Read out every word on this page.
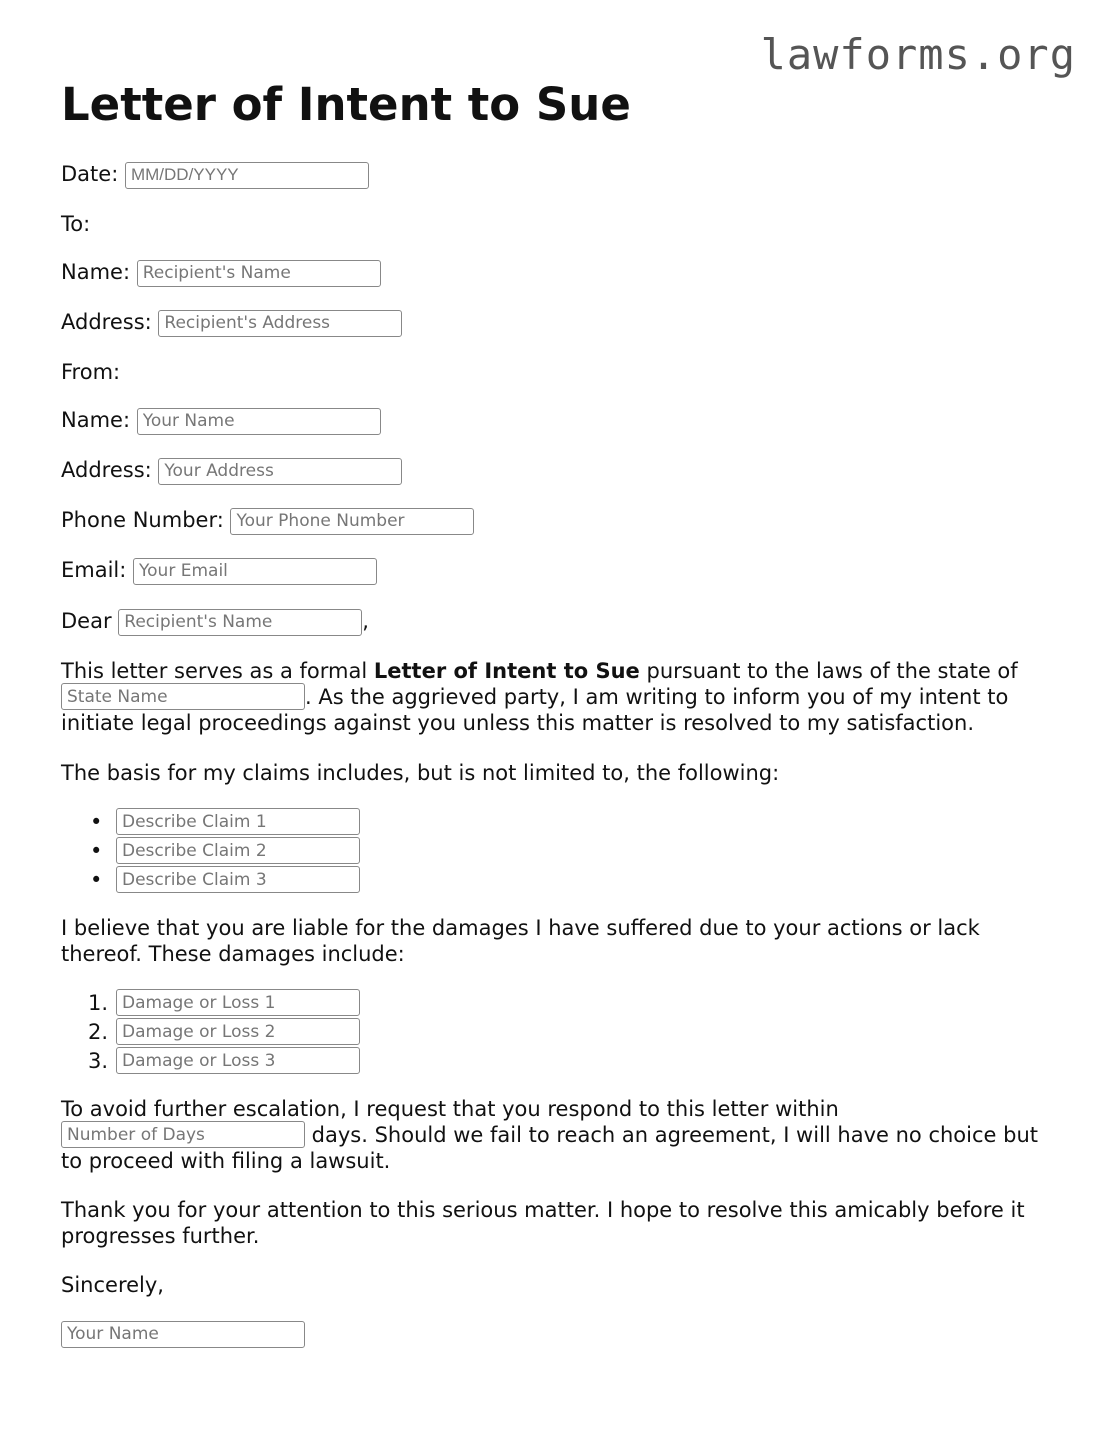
lawforms.org
Letter of Intent to Sue
Date: MM/DD/YYYY
To:
Name: Recipient's Name
Address: Recipient's Address
From:
Name: Your Name
Address: Your Address
Phone Number: Your Phone Number
Email: Your Email
Dear Recipient's Name	,

This letter serves as a formal Letter of Intent to Sue pursuant to the laws of the state of State Name. As the aggrieved party, I am writing to inform you of my intent to initiate legal proceedings against you unless this matter is resolved to my satisfaction.

The basis for my claims includes, but is not limited to, the following:

•
Describe Claim 1
•
Describe Claim 2
•
Describe Claim 3

I believe that you are liable for the damages I have suffered due to your actions or lack thereof. These damages include:

1.
Damage or Loss 1
2.
Damage or Loss 2
3.
Damage or Loss 3

To avoid further escalation, I request that you respond to this letter within
Number of Days days. Should we fail to reach an agreement, I will have no choice but to proceed with filing a lawsuit.

Thank you for your attention to this serious matter. I hope to resolve this amicably before it progresses further.

Sincerely,
Your Name
